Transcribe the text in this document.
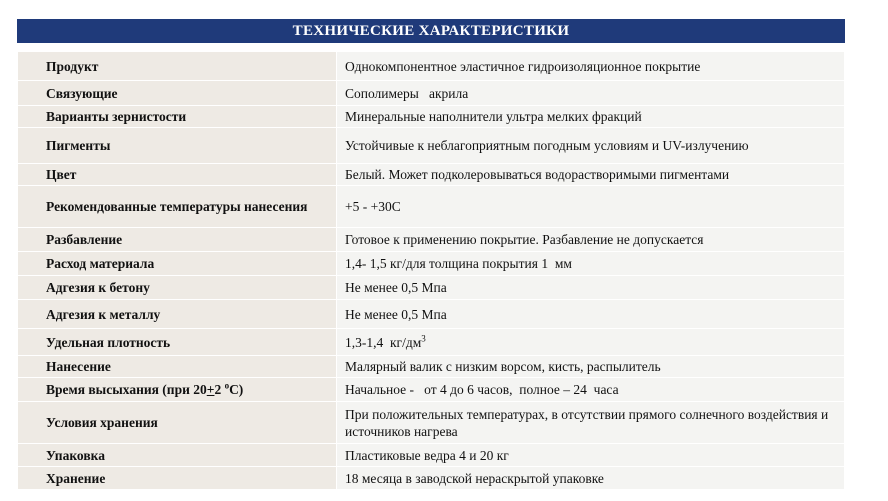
ТЕХНИЧЕСКИЕ ХАРАКТЕРИСТИКИ
Продукт	Однокомпонентное эластичное гидроизоляционное покрытие
Связующие	Сополимеры   акрила
Варианты зернистости	Минеральные наполнители ультра мелких фракций
Пигменты	Устойчивые к неблагоприятным погодным условиям и UV-излучению
Цвет	Белый. Может подколеровываться водорастворимыми пигментами
Рекомендованные температуры нанесения	+5 - +30С
Разбавление	Готовое к применению покрытие. Разбавление не допускается
Расход материала	1,4- 1,5 кг/для толщина покрытия 1  мм
Адгезия к бетону	Не менее 0,5 Мпа
Адгезия к металлу	Не менее 0,5 Мпа
Удельная плотность	1,3-1,4  $кг/дм^3$
Нанесение	Малярный валик с низким ворсом, кисть, распылитель
Время высыхания (при 20+2 $^о$С)	Начальное -   от 4 до 6 часов,  полное – 24  часа
Условия хранения	При положительных температурах, в отсутствии прямого солнечного воздействия и источников нагрева
Упаковка	Пластиковые ведра 4 и 20 кг
Хранение	18 месяца в заводской нераскрытой упаковке
